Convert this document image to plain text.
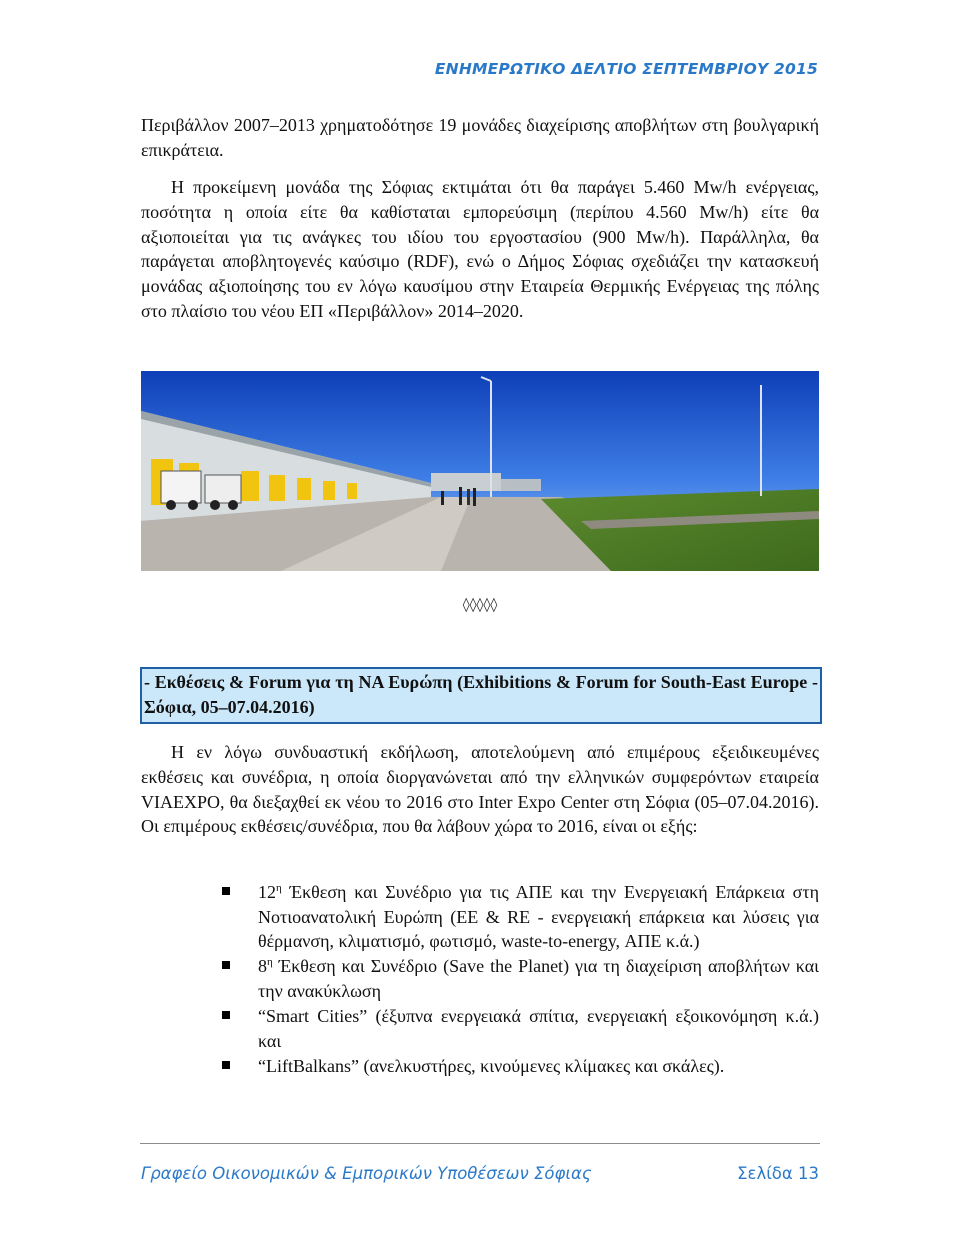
ΕΝΗΜΕΡΩΤΙΚΟ ΔΕΛΤΙΟ ΣΕΠΤΕΜΒΡΙΟΥ 2015

Περιβάλλον 2007–2013 χρηματοδότησε 19 μονάδες διαχείρισης αποβλήτων στη βουλγαρική επικράτεια.

Η προκείμενη μονάδα της Σόφιας εκτιμάται ότι θα παράγει 5.460 Mw/h ενέργειας, ποσότητα η οποία είτε θα καθίσταται εμπορεύσιμη (περίπου 4.560 Mw/h) είτε θα αξιοποιείται για τις ανάγκες του ιδίου του εργοστασίου (900 Mw/h). Παράλληλα, θα παράγεται αποβλητογενές καύσιμο (RDF), ενώ ο Δήμος Σόφιας σχεδιάζει την κατασκευή μονάδας αξιοποίησης του εν λόγω καυσίμου στην Εταιρεία Θερμικής Ενέργειας της πόλης στο πλαίσιο του νέου ΕΠ «Περιβάλλον» 2014–2020.

◊◊◊◊◊
- Εκθέσεις & Forum για τη ΝΑ Ευρώπη (Exhibitions & Forum for South-East Europe - Σόφια, 05–07.04.2016)

Η εν λόγω συνδυαστική εκδήλωση, αποτελούμενη από επιμέρους εξειδικευμένες εκθέσεις και συνέδρια, η οποία διοργανώνεται από την ελληνικών συμφερόντων εταιρεία VIAEXPO, θα διεξαχθεί εκ νέου το 2016 στο Inter Expo Center στη Σόφια (05–07.04.2016). Οι επιμέρους εκθέσεις/συνέδρια, που θα λάβουν χώρα το 2016, είναι οι εξής:

$12^\eta$ Έκθεση και Συνέδριο για τις ΑΠΕ και την Ενεργειακή Επάρκεια στη Νοτιοανατολική Ευρώπη (EE & RE - ενεργειακή επάρκεια και λύσεις για θέρμανση, κλιματισμό, φωτισμό, waste-to-energy, ΑΠΕ κ.ά.)
$8^\eta$ Έκθεση και Συνέδριο (Save the Planet) για τη διαχείριση αποβλήτων και την ανακύκλωση
“Smart Cities” (έξυπνα ενεργειακά σπίτια, ενεργειακή εξοικονόμηση κ.ά.) και
“LiftBalkans” (ανελκυστήρες, κινούμενες κλίμακες και σκάλες).
Γραφείο Οικονομικών & Εμπορικών Υποθέσεων Σόφιας	Σελίδα 13
